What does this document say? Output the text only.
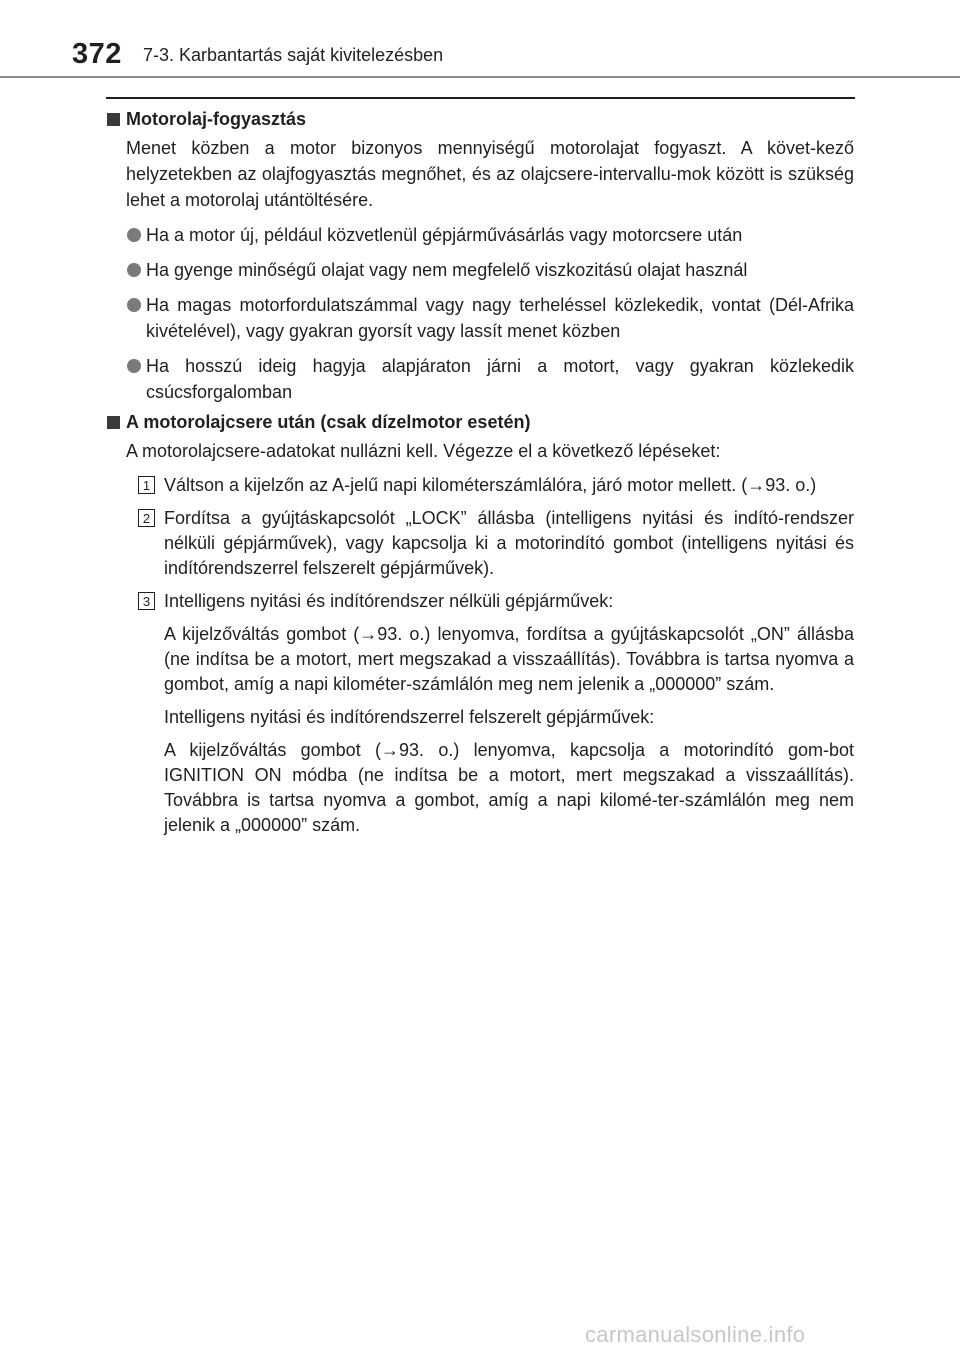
372 7-3. Karbantartás saját kivitelezésben
Motorolaj-fogyasztás

Menet közben a motor bizonyos mennyiségű motorolajat fogyaszt. A követ-kező helyzetekben az olajfogyasztás megnőhet, és az olajcsere-intervallu-mok között is szükség lehet a motorolaj utántöltésére.

Ha a motor új, például közvetlenül gépjárművásárlás vagy motorcsere után
Ha gyenge minőségű olajat vagy nem megfelelő viszkozitású olajat használ
Ha magas motorfordulatszámmal vagy nagy terheléssel közlekedik, vontat (Dél-Afrika kivételével), vagy gyakran gyorsít vagy lassít menet közben
Ha hosszú ideig hagyja alapjáraton járni a motort, vagy gyakran közlekedik csúcsforgalomban
A motorolajcsere után (csak dízelmotor esetén)

A motorolajcsere-adatokat nullázni kell. Végezze el a következő lépéseket:

1 Váltson a kijelzőn az A-jelű napi kilométerszámlálóra, járó motor mellett. (→93. o.)
2 Fordítsa a gyújtáskapcsolót „LOCK” állásba (intelligens nyitási és indító-rendszer nélküli gépjárművek), vagy kapcsolja ki a motorindító gombot (intelligens nyitási és indítórendszerrel felszerelt gépjárművek).
3 Intelligens nyitási és indítórendszer nélküli gépjárművek:

A kijelzőváltás gombot (→93. o.) lenyomva, fordítsa a gyújtáskapcsolót „ON” állásba (ne indítsa be a motort, mert megszakad a visszaállítás). Továbbra is tartsa nyomva a gombot, amíg a napi kilométer-számlálón meg nem jelenik a „000000” szám.

Intelligens nyitási és indítórendszerrel felszerelt gépjárművek:

A kijelzőváltás gombot (→93. o.) lenyomva, kapcsolja a motorindító gom-bot IGNITION ON módba (ne indítsa be a motort, mert megszakad a visszaállítás). Továbbra is tartsa nyomva a gombot, amíg a napi kilomé-ter-számlálón meg nem jelenik a „000000” szám.

carmanualsonline.info
